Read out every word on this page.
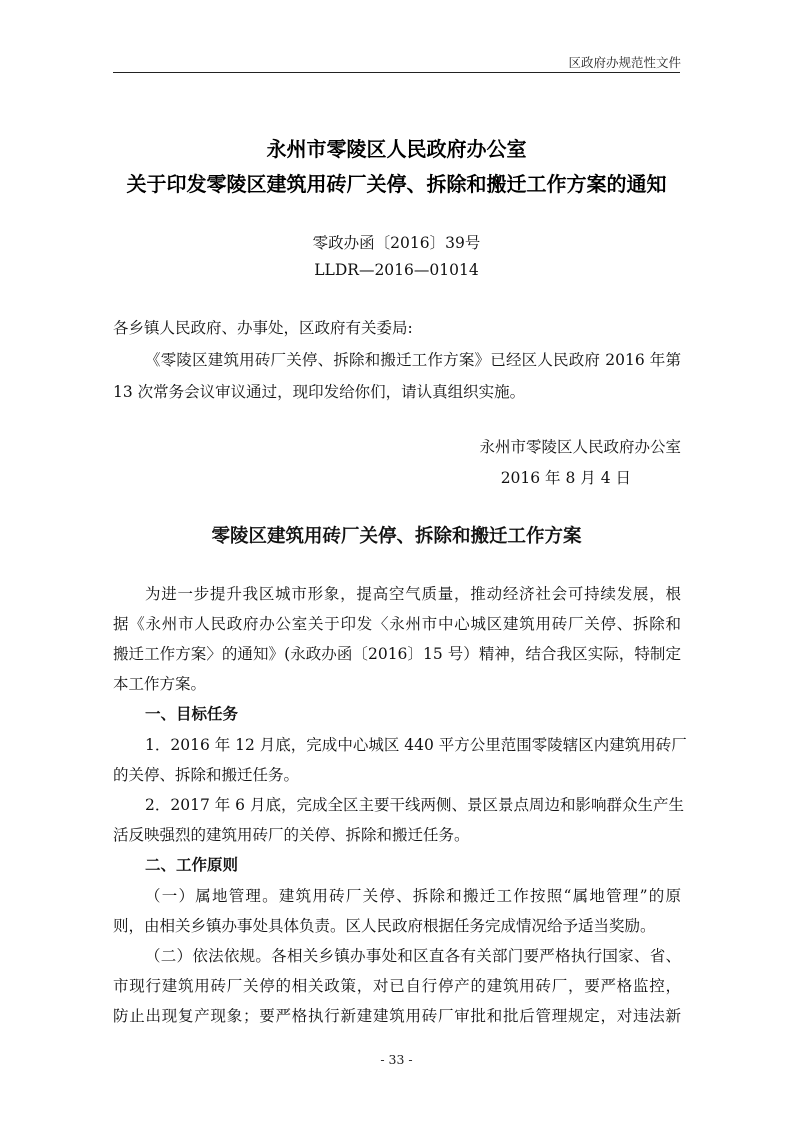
区政府办规范性文件
永州市零陵区人民政府办公室
关于印发零陵区建筑用砖厂关停、拆除和搬迁工作方案的通知
零政办函〔2016〕39号
LLDR—2016—01014
各乡镇人民政府、办事处，区政府有关委局:
《零陵区建筑用砖厂关停、拆除和搬迁工作方案》已经区人民政府 2016 年第
13 次常务会议审议通过，现印发给你们，请认真组织实施。
永州市零陵区人民政府办公室
2016 年 8 月 4 日
零陵区建筑用砖厂关停、拆除和搬迁工作方案
为进一步提升我区城市形象，提高空气质量，推动经济社会可持续发展，根
据《永州市人民政府办公室关于印发〈永州市中心城区建筑用砖厂关停、拆除和
搬迁工作方案〉的通知》(永政办函〔2016〕15 号）精神，结合我区实际，特制定
本工作方案。
一、目标任务
1．2016 年 12 月底，完成中心城区 440 平方公里范围零陵辖区内建筑用砖厂
的关停、拆除和搬迁任务。
2．2017 年 6 月底，完成全区主要干线两侧、景区景点周边和影响群众生产生
活反映强烈的建筑用砖厂的关停、拆除和搬迁任务。
二、工作原则
（一）属地管理。建筑用砖厂关停、拆除和搬迁工作按照“属地管理”的原
则，由相关乡镇办事处具体负责。区人民政府根据任务完成情况给予适当奖励。
（二）依法依规。各相关乡镇办事处和区直各有关部门要严格执行国家、省、
市现行建筑用砖厂关停的相关政策，对已自行停产的建筑用砖厂，要严格监控，
防止出现复产现象；要严格执行新建建筑用砖厂审批和批后管理规定，对违法新
- 33 -
